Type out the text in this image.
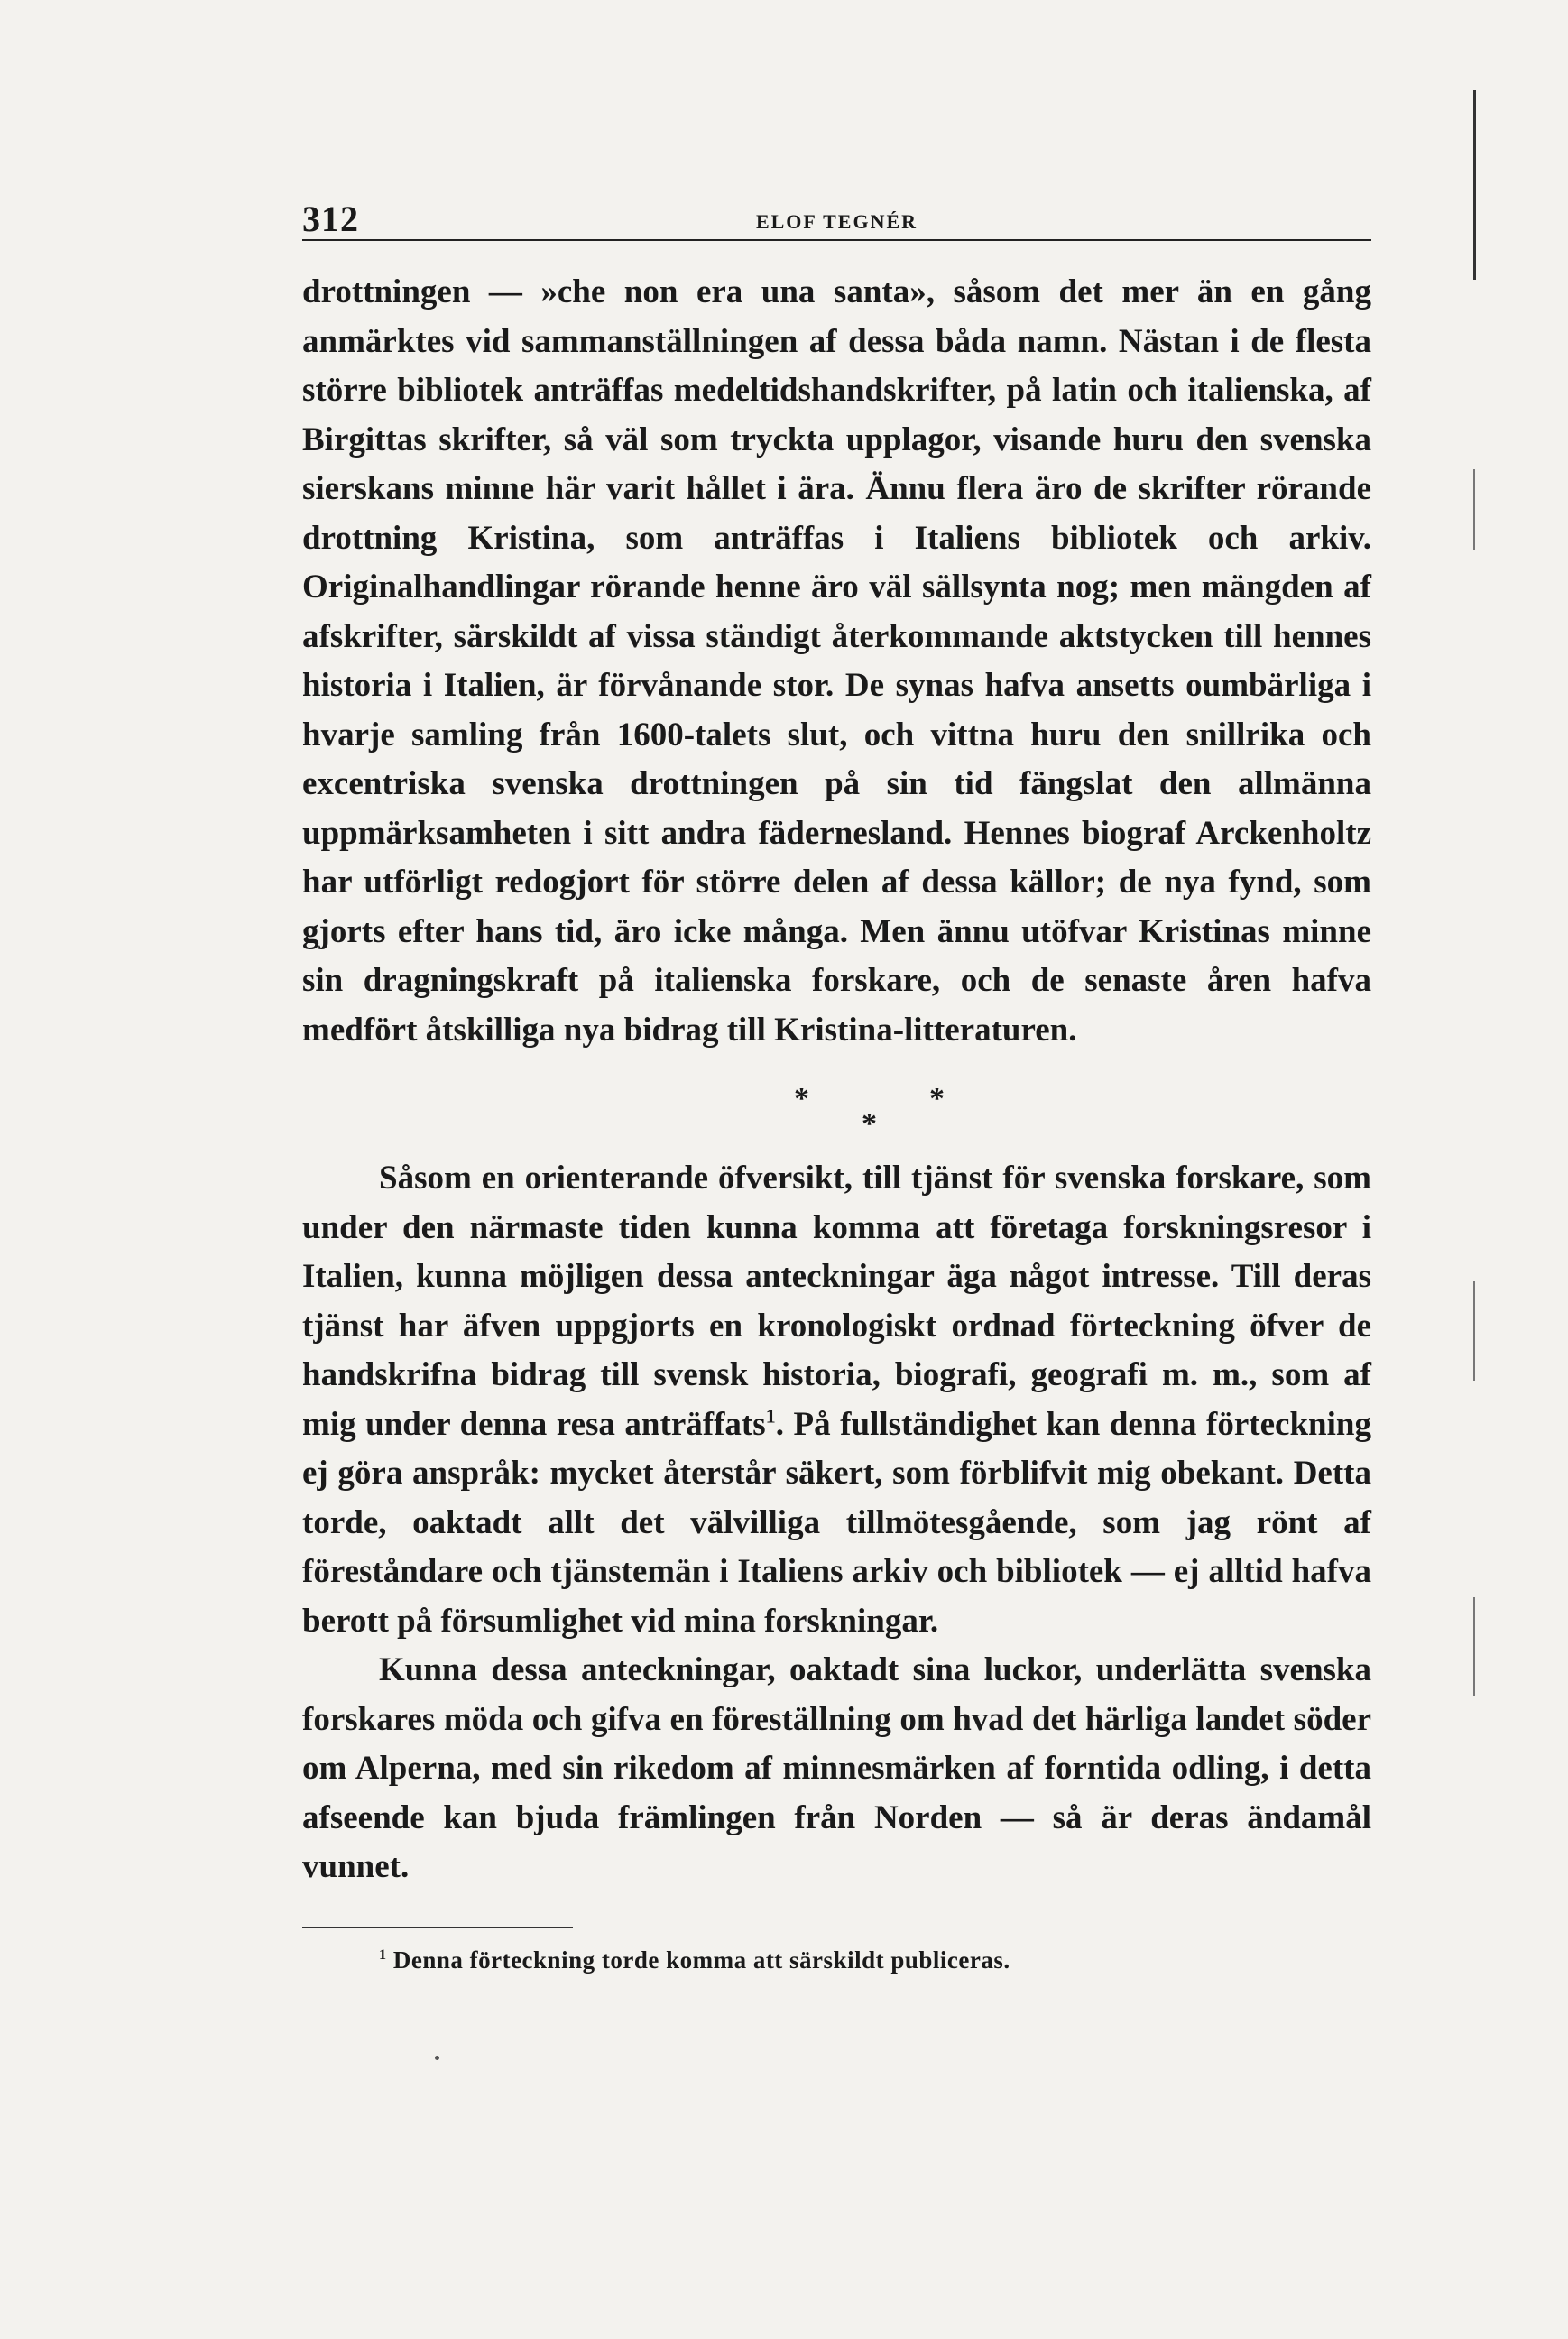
312	ELOF TEGNÉR

drottningen — »che non era una santa», såsom det mer än en gång anmärktes vid sammanställningen af dessa båda namn. Nästan i de flesta större bibliotek anträffas medeltidshandskrifter, på latin och italienska, af Birgittas skrifter, så väl som tryckta upplagor, visande huru den svenska sierskans minne här varit hållet i ära. Ännu flera äro de skrifter rörande drottning Kristina, som anträffas i Italiens bibliotek och arkiv. Originalhandlingar rörande henne äro väl sällsynta nog; men mängden af afskrifter, särskildt af vissa ständigt återkommande aktstycken till hennes historia i Italien, är förvånande stor. De synas hafva ansetts oumbärliga i hvarje samling från 1600-talets slut, och vittna huru den snillrika och excentriska svenska drottningen på sin tid fängslat den allmänna uppmärksamheten i sitt andra fädernesland. Hennes biograf Arckenholtz har utförligt redogjort för större delen af dessa källor; de nya fynd, som gjorts efter hans tid, äro icke många. Men ännu utöfvar Kristinas minne sin dragningskraft på italienska forskare, och de senaste åren hafva medfört åtskilliga nya bidrag till Kristina-litteraturen.

*
*
*

Såsom en orienterande öfversikt, till tjänst för svenska forskare, som under den närmaste tiden kunna komma att företaga forskningsresor i Italien, kunna möjligen dessa anteckningar äga något intresse. Till deras tjänst har äfven uppgjorts en kronologiskt ordnad förteckning öfver de handskrifna bidrag till svensk historia, biografi, geografi m. m., som af mig under denna resa anträffats$^1$. På fullständighet kan denna förteckning ej göra anspråk: mycket återstår säkert, som förblifvit mig obekant. Detta torde, oaktadt allt det välvilliga tillmötesgående, som jag rönt af föreståndare och tjänstemän i Italiens arkiv och bibliotek — ej alltid hafva berott på försumlighet vid mina forskningar.

Kunna dessa anteckningar, oaktadt sina luckor, underlätta svenska forskares möda och gifva en föreställning om hvad det härliga landet söder om Alperna, med sin rikedom af minnesmärken af forntida odling, i detta afseende kan bjuda främlingen från Norden — så är deras ändamål vunnet.

$^1$ Denna förteckning torde komma att särskildt publiceras.
